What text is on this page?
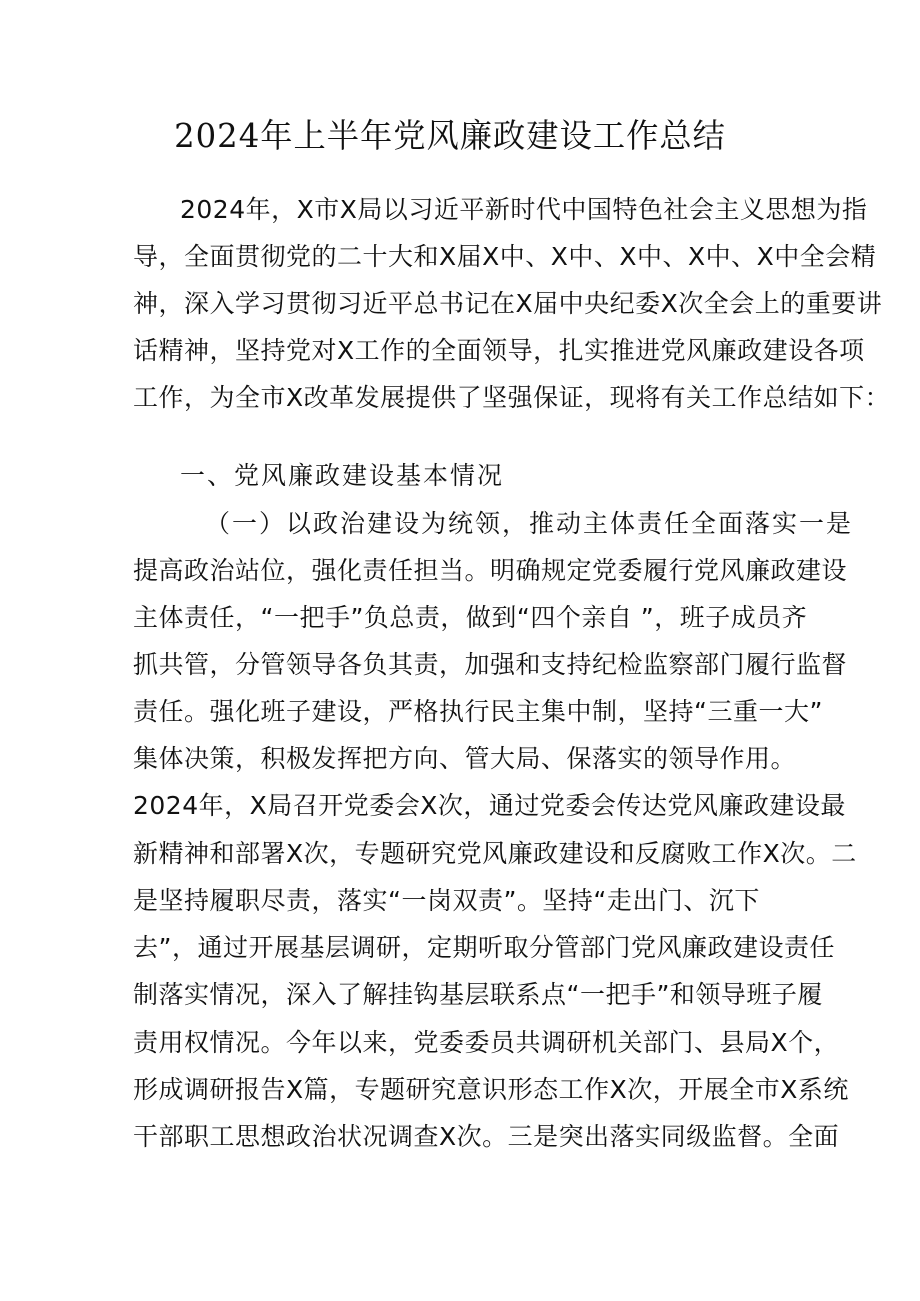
2024年上半年党风廉政建设工作总结
2024年，X市X局以习近平新时代中国特色社会主义思想为指
导，全面贯彻党的二十大和X届X中、X中、X中、X中、X中全会精
神，深入学习贯彻习近平总书记在X届中央纪委X次全会上的重要讲
话精神，坚持党对X工作的全面领导，扎实推进党风廉政建设各项
工作，为全市X改革发展提供了坚强保证，现将有关工作总结如下：
一、党风廉政建设基本情况
（一）以政治建设为统领，推动主体责任全面落实一是
提高政治站位，强化责任担当。明确规定党委履行党风廉政建设
主体责任，“一把手”负总责，做到“四个亲自 ”，班子成员齐
抓共管，分管领导各负其责，加强和支持纪检监察部门履行监督
责任。强化班子建设，严格执行民主集中制，坚持“三重一大”
集体决策，积极发挥把方向、管大局、保落实的领导作用。
2024年，X局召开党委会X次，通过党委会传达党风廉政建设最
新精神和部署X次，专题研究党风廉政建设和反腐败工作X次。二
是坚持履职尽责，落实“一岗双责”。坚持“走出门、沉下
去”，通过开展基层调研，定期听取分管部门党风廉政建设责任
制落实情况，深入了解挂钩基层联系点“一把手”和领导班子履
责用权情况。今年以来，党委委员共调研机关部门、县局X个，
形成调研报告X篇，专题研究意识形态工作X次，开展全市X系统
干部职工思想政治状况调查X次。三是突出落实同级监督。全面
